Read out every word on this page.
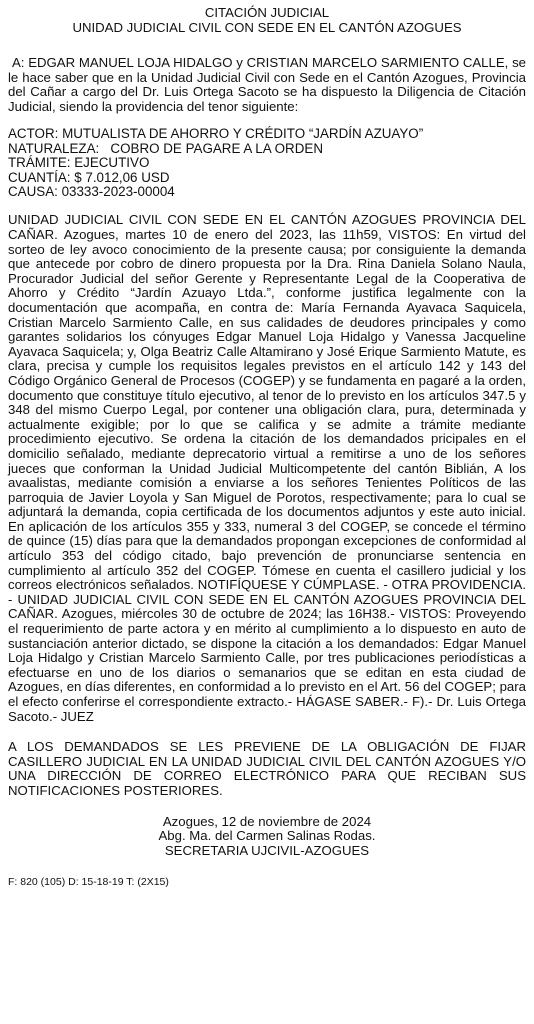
CITACIÓN JUDICIAL

UNIDAD JUDICIAL CIVIL CON SEDE EN EL CANTÓN AZOGUES

A: EDGAR MANUEL LOJA HIDALGO y CRISTIAN MARCELO SARMIENTO CALLE, se le hace saber que en la Unidad Judicial Civil con Sede en el Cantón Azogues, Provincia del Cañar a cargo del Dr. Luis Ortega Sacoto se ha dispuesto la Diligencia de Citación Judicial, siendo la providencia del tenor siguiente:

ACTOR: MUTUALISTA DE AHORRO Y CRÉDITO “JARDÍN AZUAYO”

NATURALEZA:   COBRO DE PAGARE A LA ORDEN

TRÁMITE: EJECUTIVO

CUANTÍA: $ 7.012,06 USD

CAUSA: 03333-2023-00004

UNIDAD JUDICIAL CIVIL CON SEDE EN EL CANTÓN AZOGUES PROVINCIA DEL CAÑAR. Azogues, martes 10 de enero del 2023, las 11h59, VISTOS: En virtud del sorteo de ley avoco conocimiento de la presente causa; por consiguiente la demanda que antecede por cobro de dinero propuesta por la Dra. Rina Daniela Solano Naula, Procurador Judicial del señor Gerente y Representante Legal de la Cooperativa de Ahorro y Crédito “Jardín Azuayo Ltda.”, conforme justifica legalmente con la documentación que acompaña, en contra de: María Fernanda Ayavaca Saquicela, Cristian Marcelo Sarmiento Calle, en sus calidades de deudores principales y como garantes solidarios los cónyuges Edgar Manuel Loja Hidalgo y Vanessa Jacqueline Ayavaca Saquicela; y, Olga Beatriz Calle Altamirano y José Erique Sarmiento Matute, es clara, precisa y cumple los requisitos legales previstos en el artículo 142 y 143 del Código Orgánico General de Procesos (COGEP) y se fundamenta en pagaré a la orden, documento que constituye título ejecutivo, al tenor de lo previsto en los artículos 347.5 y 348 del mismo Cuerpo Legal, por contener una obligación clara, pura, determinada y actualmente exigible; por lo que se califica y se admite a trámite mediante procedimiento ejecutivo. Se ordena la citación de los demandados pricipales en el domicilio señalado, mediante deprecatorio virtual a remitirse a uno de los señores jueces que conforman la Unidad Judicial Multicompetente del cantón Biblián, A los avaalistas, mediante comisión a enviarse a los señores Tenientes Políticos de las parroquia de Javier Loyola y San Miguel de Porotos, respectivamente; para lo cual se adjuntará la demanda, copia certificada de los documentos adjuntos y este auto inicial. En aplicación de los artículos 355 y 333, numeral 3 del COGEP, se concede el término de quince (15) días para que la demandados propongan excepciones de conformidad al artículo 353 del código citado, bajo prevención de pronunciarse sentencia en cumplimiento al artículo 352 del COGEP. Tómese en cuenta el casillero judicial y los correos electrónicos señalados. NOTIFÍQUESE Y CÚMPLASE. - OTRA PROVIDENCIA. - UNIDAD JUDICIAL CIVIL CON SEDE EN EL CANTÓN AZOGUES PROVINCIA DEL CAÑAR. Azogues, miércoles 30 de octubre de 2024; las 16H38.- VISTOS: Proveyendo el requerimiento de parte actora y en mérito al cumplimiento a lo dispuesto en auto de sustanciación anterior dictado, se dispone la citación a los demandados: Edgar Manuel Loja Hidalgo y Cristian Marcelo Sarmiento Calle, por tres publicaciones periodísticas a efectuarse en uno de los diarios o semanarios que se editan en esta ciudad de Azogues, en días diferentes, en conformidad a lo previsto en el Art. 56 del COGEP; para el efecto conferirse el correspondiente extracto.- HÁGASE SABER.- F).- Dr. Luis Ortega Sacoto.- JUEZ

A LOS DEMANDADOS SE LES PREVIENE DE LA OBLIGACIÓN DE FIJAR CASILLERO JUDICIAL EN LA UNIDAD JUDICIAL CIVIL DEL CANTÓN AZOGUES Y/O UNA DIRECCIÓN DE CORREO ELECTRÓNICO PARA QUE RECIBAN SUS NOTIFICACIONES POSTERIORES.

Azogues, 12 de noviembre de 2024

Abg. Ma. del Carmen Salinas Rodas.

SECRETARIA UJCIVIL-AZOGUES

F: 820 (105) D: 15-18-19 T: (2X15)
